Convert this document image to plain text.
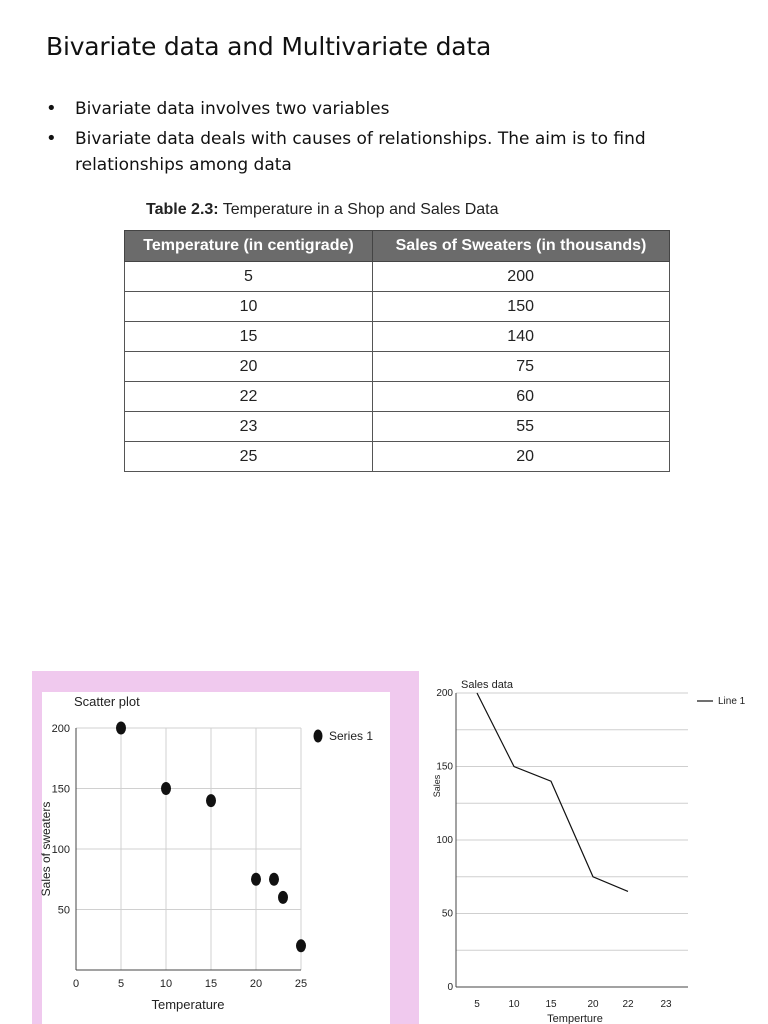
Bivariate data and Multivariate data
• Bivariate data involves two variables
• Bivariate data deals with causes of relationships. The aim is to find relationships among data
Table 2.3: Temperature in a Shop and Sales Data
Temperature (in centigrade)	Sales of Sweaters (in thousands)
5	200
10	150
15	140
20	75
22	60
23	55
25	20
0	5	10	15	20	25
50
100
150
200
Scatter plot
Temperature
Sales of sweaters
Series 1
5	10	15	20 22	23
0
50
100
150
200
Sales data
Temperture
Sales
Line 1
